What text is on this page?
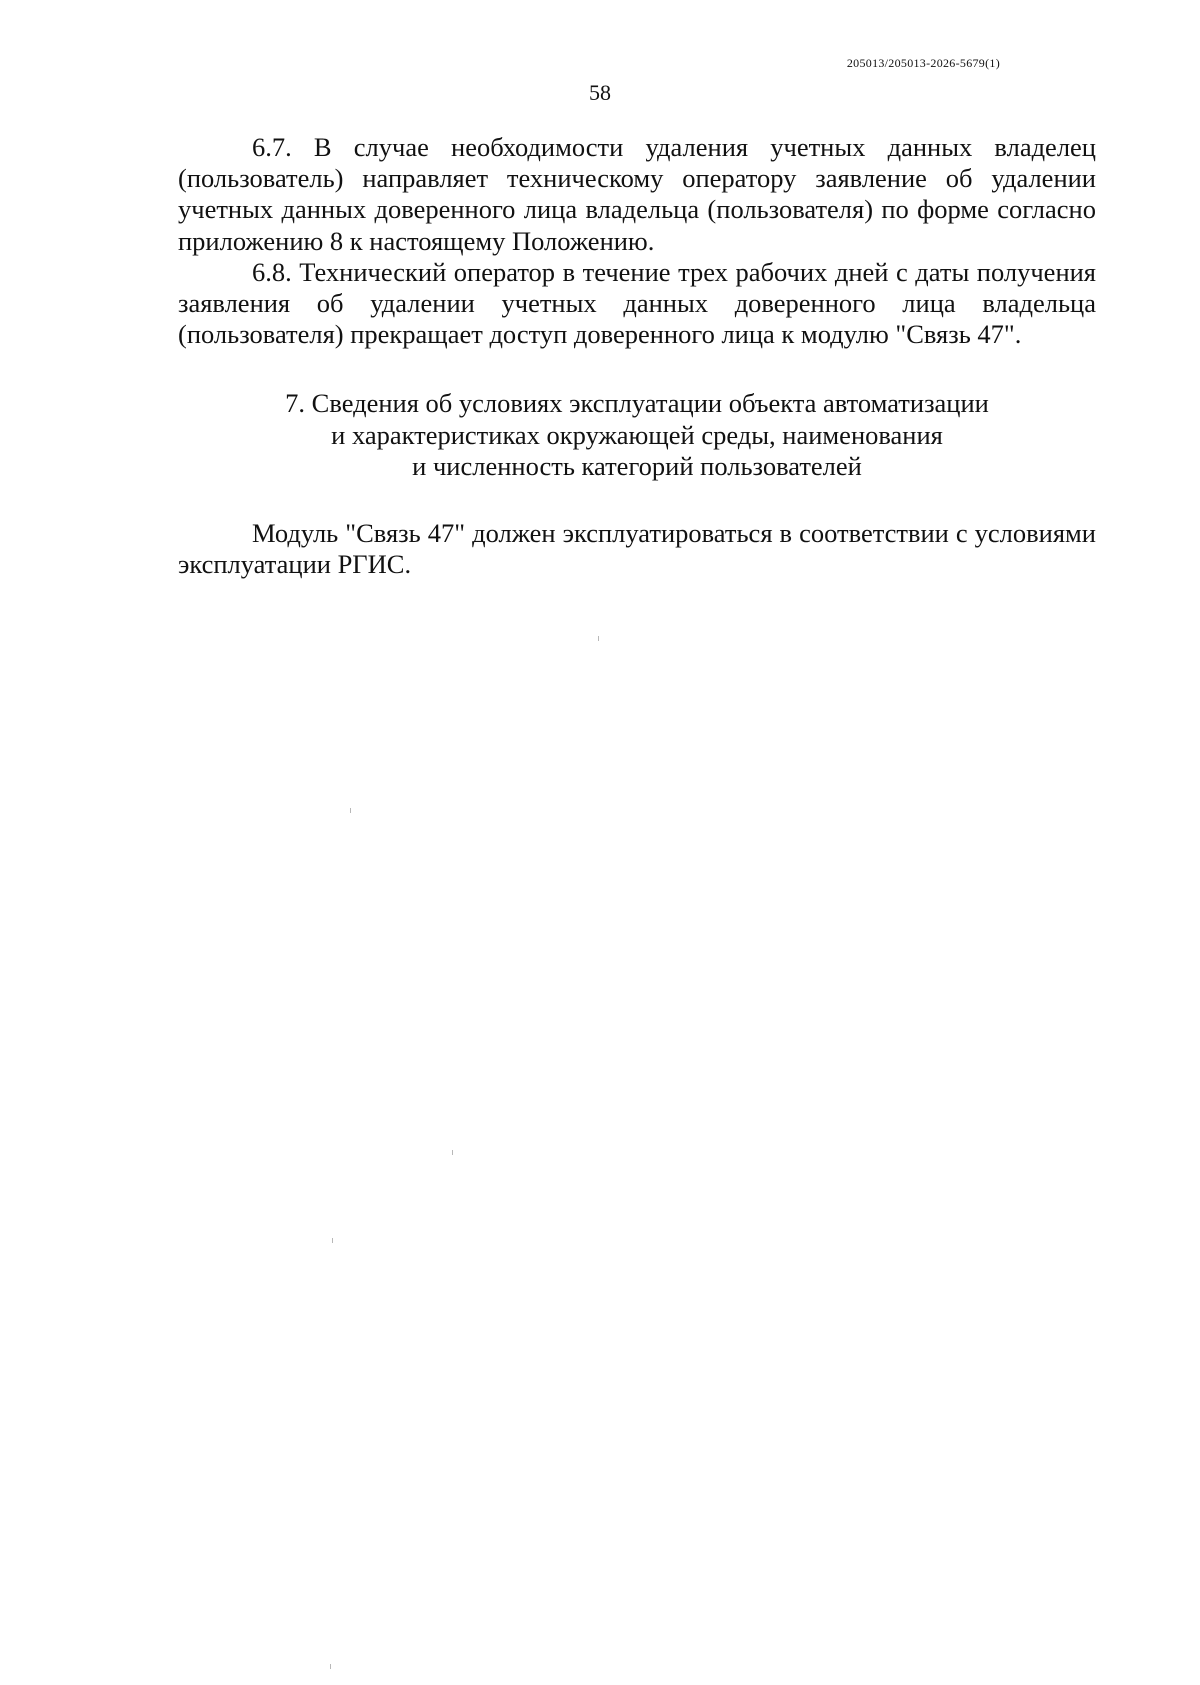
205013/205013-2026-5679(1)
58

6.7. В случае необходимости удаления учетных данных владелец (пользователь) направляет техническому оператору заявление об удалении учетных данных доверенного лица владельца (пользователя) по форме согласно приложению 8 к настоящему Положению.

6.8. Технический оператор в течение трех рабочих дней с даты получения заявления об удалении учетных данных доверенного лица владельца (пользователя) прекращает доступ доверенного лица к модулю "Связь 47".

7. Сведения об условиях эксплуатации объекта автоматизации
и характеристиках окружающей среды, наименования
и численность категорий пользователей

Модуль "Связь 47" должен эксплуатироваться в соответствии с условиями эксплуатации РГИС.
